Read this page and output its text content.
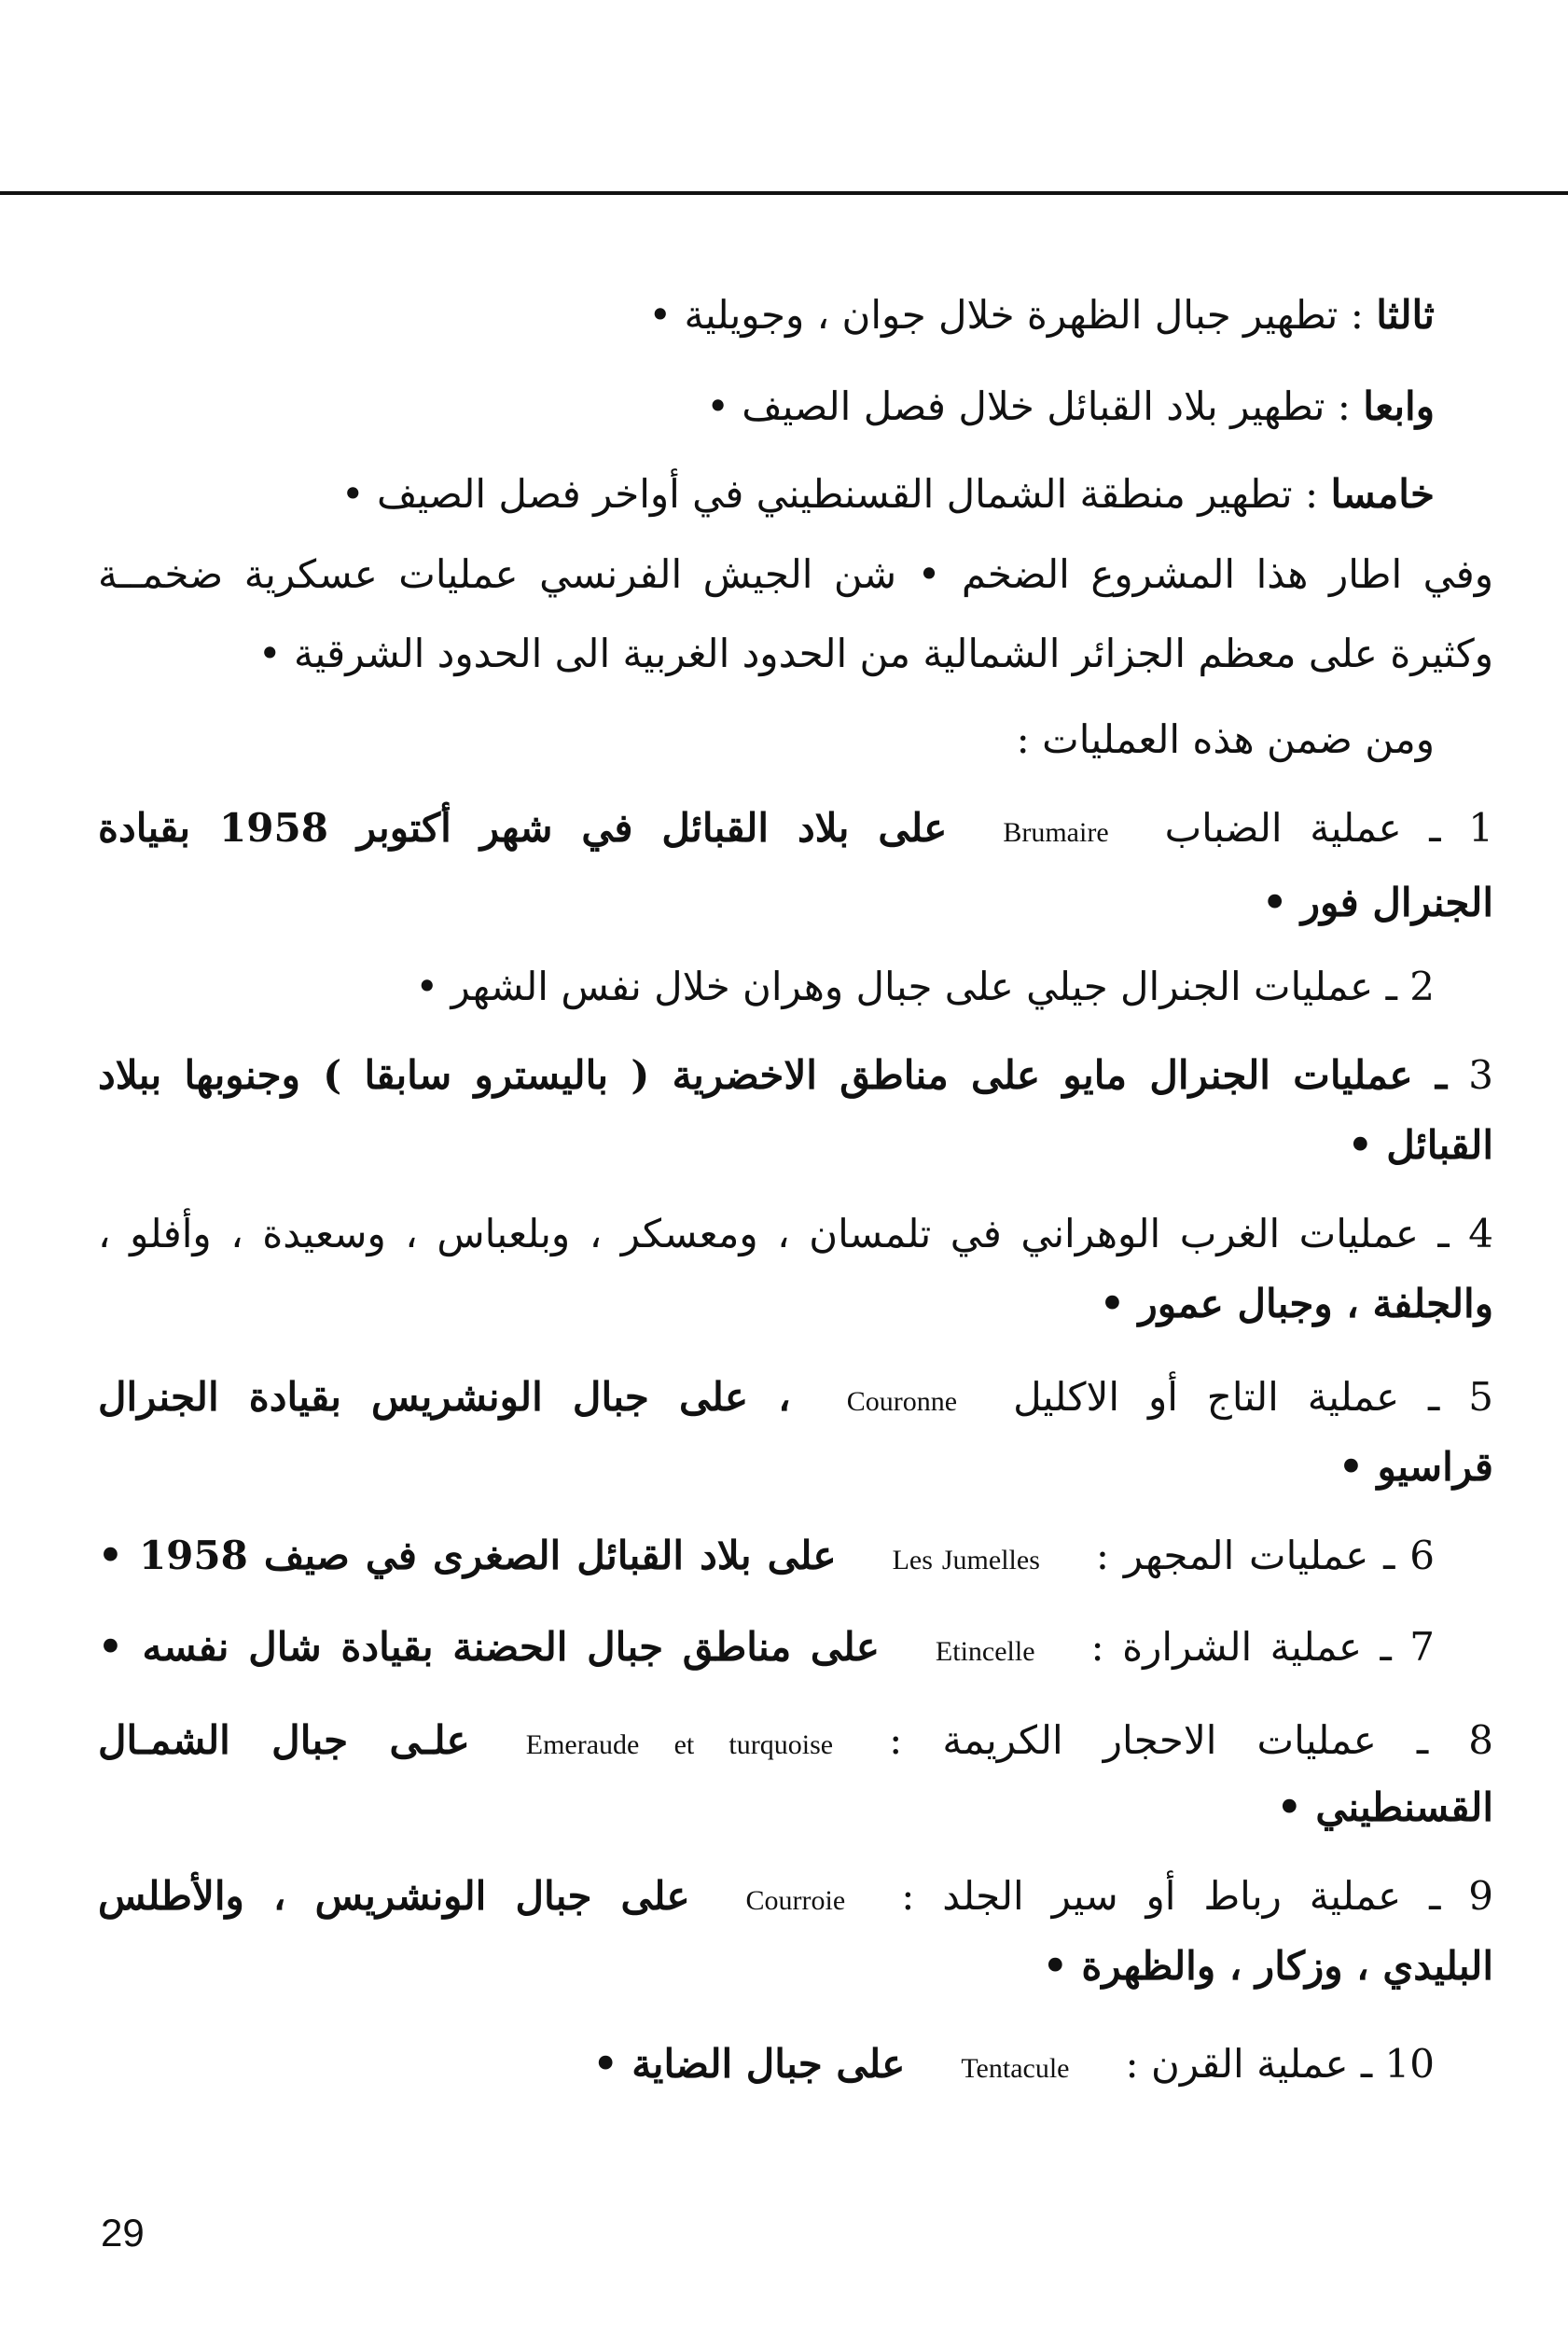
ثالثا : تطهير جبال الظهرة خلال جوان ، وجويلية •
وابعا : تطهير بلاد القبائل خلال فصل الصيف •
خامسا : تطهير منطقة الشمال القسنطيني في أواخر فصل الصيف •
وفي اطار هذا المشروع الضخم • شن الجيش الفرنسي عمليات عسكرية ضخمــة
وكثيرة على معظم الجزائر الشمالية من الحدود الغربية الى الحدود الشرقية •
ومن ضمن هذه العمليات :
1 ـ عملية الضبابBrumaireعلى بلاد القبائل في شهر أكتوبر 1958 بقيادة
الجنرال فور •
2 ـ عمليات الجنرال جيلي على جبال وهران خلال نفس الشهر •
3 ـ عمليات الجنرال مايو على مناطق الاخضرية ( باليسترو سابقا ) وجنوبها ببلاد
القبائل •
4 ـ عمليات الغرب الوهراني في تلمسان ، ومعسكر ، وبلعباس ، وسعيدة ، وأفلو ،
والجلفة ، وجبال عمور •
5 ـ عملية التاج أو الاكليلCouronne، على جبال الونشريس بقيادة الجنرال
قراسيو •
6 ـ عمليات المجهر :Les Jumellesعلى بلاد القبائل الصغرى في صيف 1958 •
7 ـ عملية الشرارة :Etincelleعلى مناطق جبال الحضنة بقيادة شال نفسه •
8 ـ عمليات الاحجار الكريمة :Emeraude et turquoiseعلـى جبال الشمـال
القسنطيني •
9 ـ عملية رباط أو سير الجلد :Courroieعلى جبال الونشريس ، والأطلس
البليدي ، وزكار ، والظهرة •
10 ـ عملية القرن :Tentaculeعلى جبال الضاية •
29
